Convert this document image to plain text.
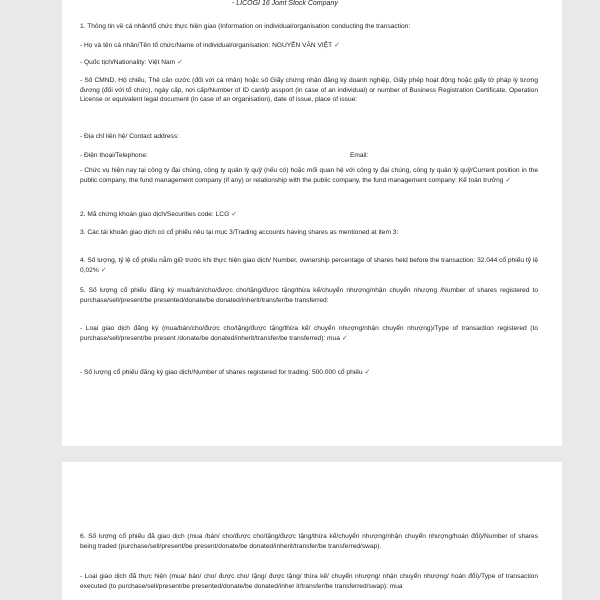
- LICOGI 16 Joint Stock Company
1. Thông tin về cá nhân/tổ chức thực hiện giao (Information on individual/organisation conducting the transaction:
- Họ và tên cá nhân/Tên tổ chức/Name of individual/organisation: NGUYỄN VĂN VIỆT ✓
- Quốc tịch/Nationality: Việt Nam ✓
- Số CMND, Hộ chiếu, Thẻ căn cước (đối với cá nhân) hoặc số Giấy chứng nhận đăng ký doanh nghiệp, Giấy phép hoạt động hoặc giấy tờ pháp lý tương đương (đối với tổ chức), ngày cấp, nơi cấp/Number of ID card/p assport (in case of an individual) or number of Business Registration Certificate, Operation License or equivalent legal document (in case of an organisation), date of issue, place of issue:
- Địa chỉ liên hệ/ Contact address:
- Điện thoại/Telephone:	Email:
- Chức vụ hiện nay tại công ty đại chúng, công ty quản lý quỹ (nếu có) hoặc mối quan hệ với công ty đại chúng, công ty quản lý quỹ/Current position in the public company, the fund management company (if any) or relationship with the public company, the fund management company: Kế toán trưởng ✓
2. Mã chứng khoán giao dịch/Securities code: LCG ✓
3. Các tài khoản giao dịch có cổ phiếu nêu tại mục 3/Trading accounts having shares as mentioned at item 3:
4. Số lượng, tỷ lệ cổ phiếu nắm giữ trước khi thực hiện giao dịch/ Number, ownership percentage of shares held before the transaction: 32.044 cổ phiếu tỷ lệ 0,02% ✓
5. Số lượng cổ phiếu đăng ký mua/bán/cho/được cho/tặng/được tặng/thừa kế/chuyển nhượng/nhận chuyển nhượng /Number of shares registered to purchase/sell/present/be presented/donate/be donated/inherit/transfer/be transferred:
- Loại giao dịch đăng ký (mua/bán/cho/được cho/tặng/được tặng/thừa kế/ chuyển nhượng/nhận chuyển nhượng)/Type of transaction registered (to purchase/sell/present/be present /donate/be donated/inherit/transfer/be transferred): mua ✓
- Số lượng cổ phiếu đăng ký giao dịch/Number of shares registered for trading: 500.000 cổ phiếu ✓
6. Số lượng cổ phiếu đã giao dịch (mua /bán/ cho/được cho/tặng/được tặng/thừa kế/chuyển nhượng/nhận chuyển nhượng/hoán đổi)/Number of shares being traded (purchase/sell/present/be present/donate/be donated/inherit/transfer/be transferred/swap).
- Loại giao dịch đã thực hiện (mua/ bán/ cho/ được cho/ tặng/ được tặng/ thừa kế/ chuyển nhượng/ nhận chuyển nhượng/ hoán đổi)/Type of transaction executed (to purchase/sell/present/be presented/donate/be donated/inher it/transfer/be transferred/swap): mua
